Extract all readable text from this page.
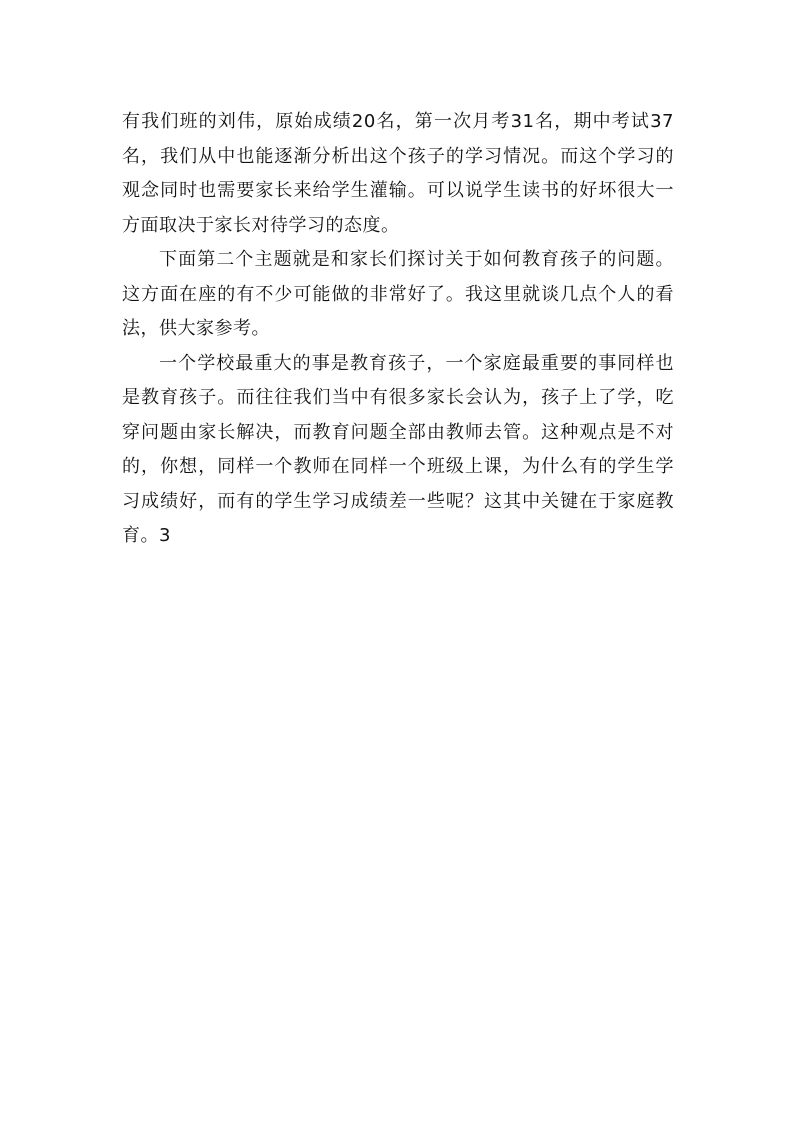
有我们班的刘伟，原始成绩20名，第一次月考31名，期中考试37名，我们从中也能逐渐分析出这个孩子的学习情况。而这个学习的观念同时也需要家长来给学生灌输。可以说学生读书的好坏很大一方面取决于家长对待学习的态度。

下面第二个主题就是和家长们探讨关于如何教育孩子的问题。这方面在座的有不少可能做的非常好了。我这里就谈几点个人的看法，供大家参考。

一个学校最重大的事是教育孩子，一个家庭最重要的事同样也是教育孩子。而往往我们当中有很多家长会认为，孩子上了学，吃穿问题由家长解决，而教育问题全部由教师去管。这种观点是不对的，你想，同样一个教师在同样一个班级上课，为什么有的学生学习成绩好，而有的学生学习成绩差一些呢？这其中关键在于家庭教育。3
